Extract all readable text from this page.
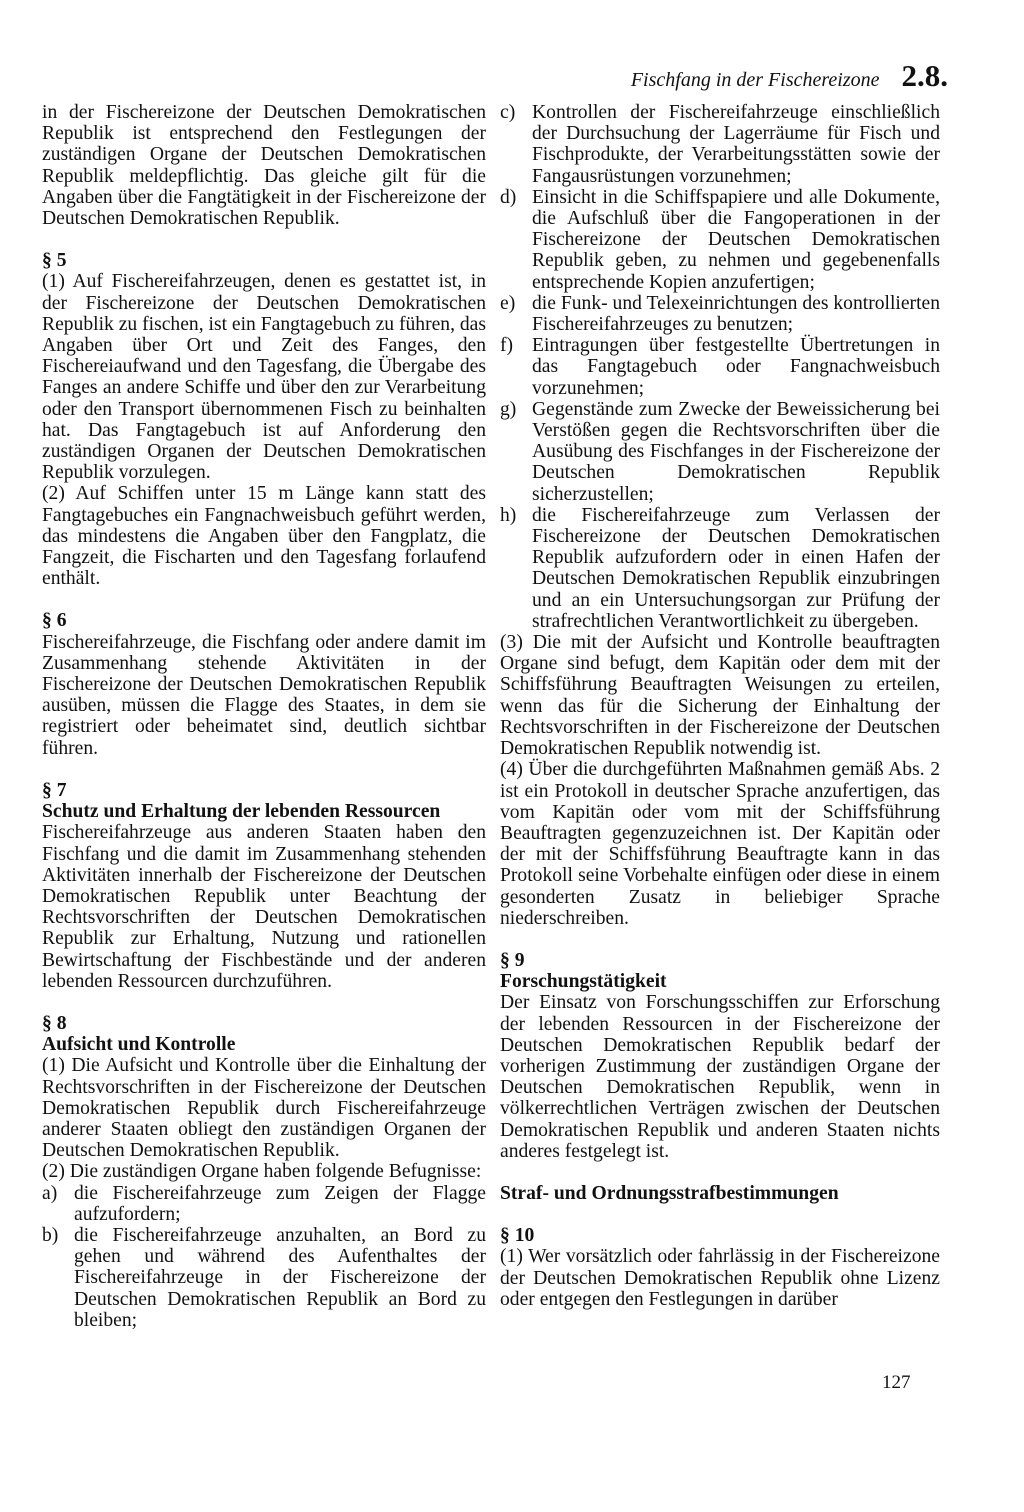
Fischfang in der Fischereizone 2.8.

in der Fischereizone der Deutschen Demokratischen Republik ist entsprechend den Festlegungen der zuständigen Organe der Deutschen Demokratischen Republik meldepflichtig. Das gleiche gilt für die Angaben über die Fangtätigkeit in der Fischereizone der Deutschen Demokratischen Republik.

§ 5

(1) Auf Fischereifahrzeugen, denen es gestattet ist, in der Fischereizone der Deutschen Demokratischen Republik zu fischen, ist ein Fangtagebuch zu führen, das Angaben über Ort und Zeit des Fanges, den Fischereiaufwand und den Tagesfang, die Übergabe des Fanges an andere Schiffe und über den zur Verarbeitung oder den Transport übernommenen Fisch zu beinhalten hat. Das Fangtagebuch ist auf Anforderung den zuständigen Organen der Deutschen Demokratischen Republik vorzulegen.

(2) Auf Schiffen unter 15 m Länge kann statt des Fangtagebuches ein Fangnachweisbuch geführt werden, das mindestens die Angaben über den Fangplatz, die Fangzeit, die Fischarten und den Tagesfang forlaufend enthält.

§ 6

Fischereifahrzeuge, die Fischfang oder andere damit im Zusammenhang stehende Aktivitäten in der Fischereizone der Deutschen Demokratischen Republik ausüben, müssen die Flagge des Staates, in dem sie registriert oder beheimatet sind, deutlich sichtbar führen.

§ 7

Schutz und Erhaltung der lebenden Ressourcen

Fischereifahrzeuge aus anderen Staaten haben den Fischfang und die damit im Zusammenhang stehenden Aktivitäten innerhalb der Fischereizone der Deutschen Demokratischen Republik unter Beachtung der Rechtsvorschriften der Deutschen Demokratischen Republik zur Erhaltung, Nutzung und rationellen Bewirtschaftung der Fischbestände und der anderen lebenden Ressourcen durchzuführen.

§ 8

Aufsicht und Kontrolle

(1) Die Aufsicht und Kontrolle über die Einhaltung der Rechtsvorschriften in der Fischereizone der Deutschen Demokratischen Republik durch Fischereifahrzeuge anderer Staaten obliegt den zuständigen Organen der Deutschen Demokratischen Republik.

(2) Die zuständigen Organe haben folgende Befugnisse:

a) die Fischereifahrzeuge zum Zeigen der Flagge aufzufordern;
b) die Fischereifahrzeuge anzuhalten, an Bord zu gehen und während des Aufenthaltes der Fischereifahrzeuge in der Fischereizone der Deutschen Demokratischen Republik an Bord zu bleiben;
c) Kontrollen der Fischereifahrzeuge einschließlich der Durchsuchung der Lagerräume für Fisch und Fischprodukte, der Verarbeitungsstätten sowie der Fangausrüstungen vorzunehmen;
d) Einsicht in die Schiffspapiere und alle Dokumente, die Aufschluß über die Fangoperationen in der Fischereizone der Deutschen Demokratischen Republik geben, zu nehmen und gegebenenfalls entsprechende Kopien anzufertigen;
e) die Funk- und Telexeinrichtungen des kontrollierten Fischereifahrzeuges zu benutzen;
f) Eintragungen über festgestellte Übertretungen in das Fangtagebuch oder Fangnachweisbuch vorzunehmen;
g) Gegenstände zum Zwecke der Beweissicherung bei Verstößen gegen die Rechtsvorschriften über die Ausübung des Fischfanges in der Fischereizone der Deutschen Demokratischen Republik sicherzustellen;
h) die Fischereifahrzeuge zum Verlassen der Fischereizone der Deutschen Demokratischen Republik aufzufordern oder in einen Hafen der Deutschen Demokratischen Republik einzubringen und an ein Untersuchungsorgan zur Prüfung der strafrechtlichen Verantwortlichkeit zu übergeben.

(3) Die mit der Aufsicht und Kontrolle beauftragten Organe sind befugt, dem Kapitän oder dem mit der Schiffsführung Beauftragten Weisungen zu erteilen, wenn das für die Sicherung der Einhaltung der Rechtsvorschriften in der Fischereizone der Deutschen Demokratischen Republik notwendig ist.

(4) Über die durchgeführten Maßnahmen gemäß Abs. 2 ist ein Protokoll in deutscher Sprache anzufertigen, das vom Kapitän oder vom mit der Schiffsführung Beauftragten gegenzuzeichnen ist. Der Kapitän oder der mit der Schiffsführung Beauftragte kann in das Protokoll seine Vorbehalte einfügen oder diese in einem gesonderten Zusatz in beliebiger Sprache niederschreiben.

§ 9

Forschungstätigkeit

Der Einsatz von Forschungsschiffen zur Erforschung der lebenden Ressourcen in der Fischereizone der Deutschen Demokratischen Republik bedarf der vorherigen Zustimmung der zuständigen Organe der Deutschen Demokratischen Republik, wenn in völkerrechtlichen Verträgen zwischen der Deutschen Demokratischen Republik und anderen Staaten nichts anderes festgelegt ist.

Straf- und Ordnungsstrafbestimmungen

§ 10

(1) Wer vorsätzlich oder fahrlässig in der Fischereizone der Deutschen Demokratischen Republik ohne Lizenz oder entgegen den Festlegungen in darüber

127
